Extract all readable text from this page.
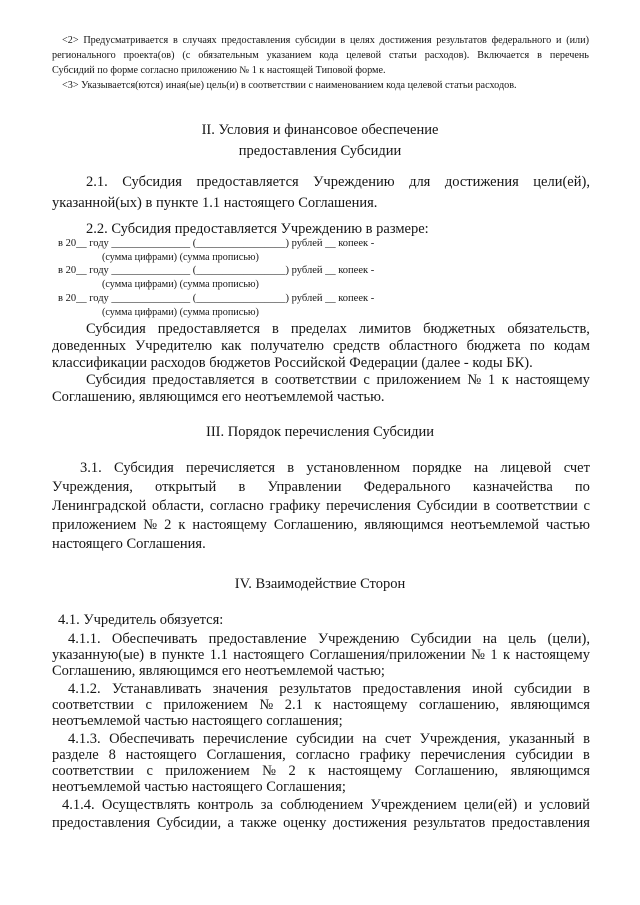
<2> Предусматривается в случаях предоставления субсидии в целях достижения результатов федерального и (или)
регионального проекта(ов) (с обязательным указанием кода целевой статьи расходов). Включается в перечень
Субсидий по форме согласно приложению № 1 к настоящей Типовой форме.
<3> Указывается(ются) иная(ые) цель(и) в соответствии с наименованием кода целевой статьи расходов.
II. Условия и финансовое обеспечение
предоставления Субсидии
2.1. Субсидия предоставляется Учреждению для достижения цели(ей),
указанной(ых) в пункте 1.1 настоящего Соглашения.
2.2. Субсидия предоставляется Учреждению в размере:
в 20__ году _______________ (_________________) рублей __ копеек -
(сумма цифрами) (сумма прописью)
в 20__ году _______________ (_________________) рублей __ копеек -
(сумма цифрами) (сумма прописью)
в 20__ году _______________ (_________________) рублей __ копеек -
(сумма цифрами) (сумма прописью)
Субсидия предоставляется в пределах лимитов бюджетных обязательств,
доведенных Учредителю как получателю средств областного бюджета по кодам
классификации расходов бюджетов Российской Федерации (далее - коды БК).
Субсидия предоставляется в соответствии с приложением № 1 к настоящему
Соглашению, являющимся его неотъемлемой частью.
III. Порядок перечисления Субсидии
3.1. Субсидия перечисляется в установленном порядке на лицевой счет
Учреждения, открытый в Управлении Федерального казначейства по
Ленинградской области, согласно графику перечисления Субсидии в соответствии с
приложением № 2 к настоящему Соглашению, являющимся неотъемлемой частью
настоящего Соглашения.
IV. Взаимодействие Сторон
4.1. Учредитель обязуется:
4.1.1. Обеспечивать предоставление Учреждению Субсидии на цель (цели),
указанную(ые) в пункте 1.1 настоящего Соглашения/приложении № 1 к настоящему
Соглашению, являющимся его неотъемлемой частью;
4.1.2. Устанавливать значения результатов предоставления иной субсидии в
соответствии с приложением № 2.1 к настоящему соглашению, являющимся
неотъемлемой частью настоящего соглашения;
4.1.3. Обеспечивать перечисление субсидии на счет Учреждения, указанный в
разделе 8 настоящего Соглашения, согласно графику перечисления субсидии в
соответствии с приложением № 2 к настоящему Соглашению, являющимся
неотъемлемой частью настоящего Соглашения;
4.1.4. Осуществлять контроль за соблюдением Учреждением цели(ей) и условий
предоставления Субсидии, а также оценку достижения результатов предоставления
